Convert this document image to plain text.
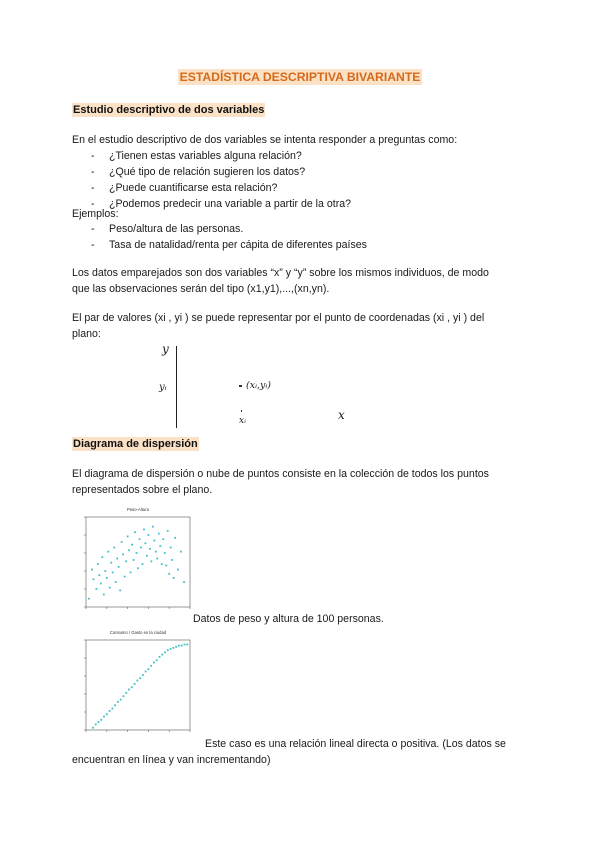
ESTADÍSTICA DESCRIPTIVA BIVARIANTE
Estudio descriptivo de dos variables
En el estudio descriptivo de dos variables se intenta responder a preguntas como:
- ¿Tienen estas variables alguna relación?
- ¿Qué tipo de relación sugieren los datos?
- ¿Puede cuantificarse esta relación?
- ¿Podemos predecir una variable a partir de la otra?
Ejemplos:
- Peso/altura de las personas.
- Tasa de natalidad/renta per cápita de diferentes países
Los datos emparejados son dos variables “x” y “y” sobre los mismos individuos, de modo
que las observaciones serán del tipo (x1,y1),...,(xn,yn).
El par de valores (xi , yi ) se puede representar por el punto de coordenadas (xi , yi ) del
plano:
y
yᵢ	(xᵢ,yᵢ)
xᵢ	x
Diagrama de dispersión
El diagrama de dispersión o nube de puntos consiste en la colección de todos los puntos
representados sobre el plano.
Peso-Altura
Datos de peso y altura de 100 personas.
Consumo / Gasto en la ciudad
Este caso es una relación lineal directa o positiva. (Los datos se
encuentran en línea y van incrementando)
